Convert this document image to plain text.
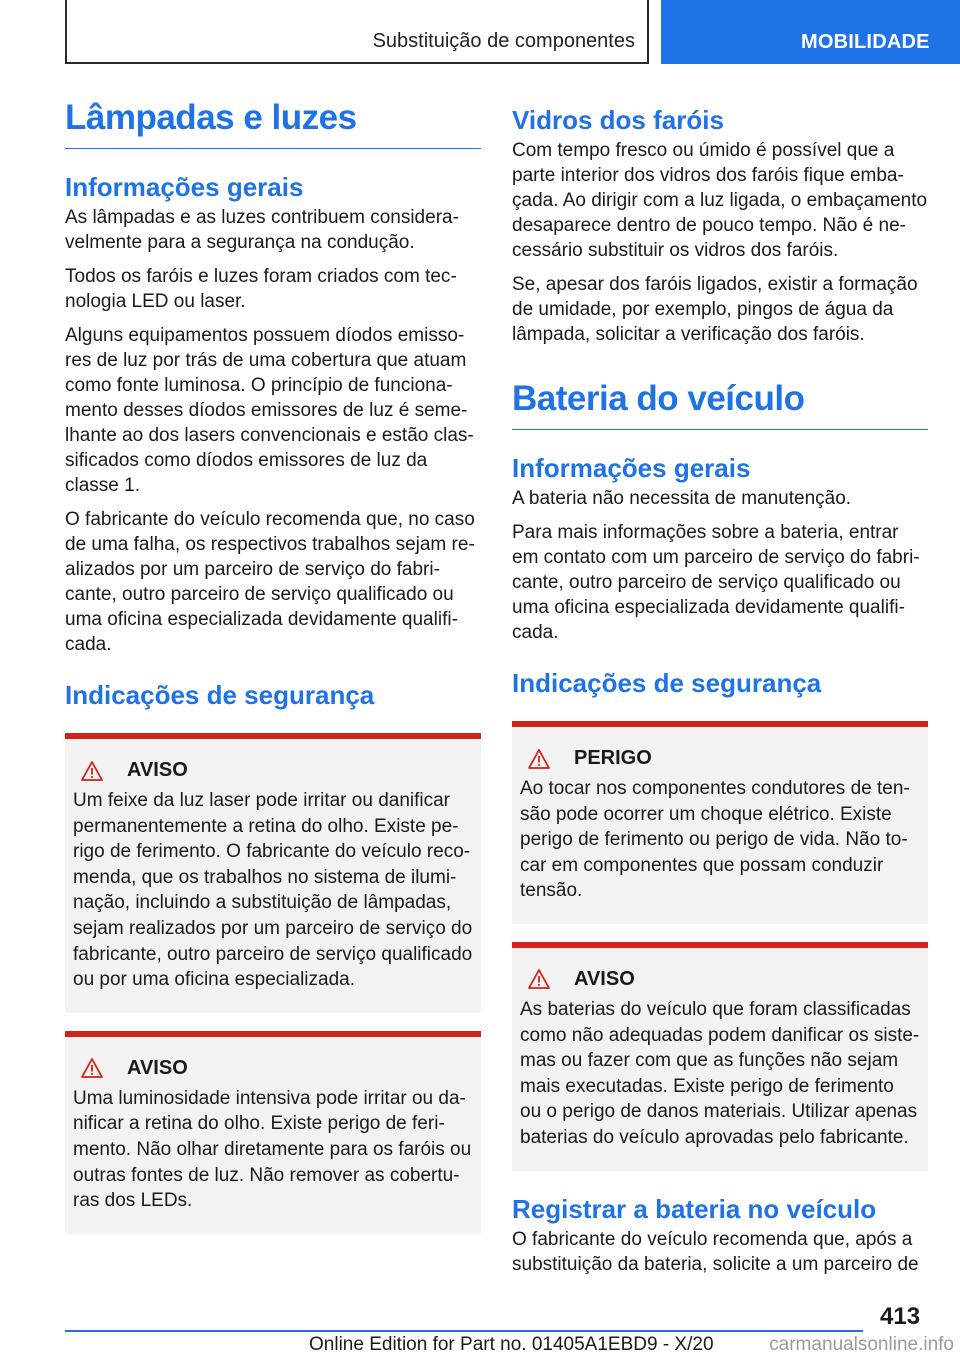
Substituição de componentes	MOBILIDADE
Lâmpadas e luzes
Informações gerais

As lâmpadas e as luzes contribuem consideravelmente para a segurança na condução.

Todos os faróis e luzes foram criados com tecnologia LED ou laser.

Alguns equipamentos possuem díodos emissores de luz por trás de uma cobertura que atuam como fonte luminosa. O princípio de funcionamento desses díodos emissores de luz é semelhante ao dos lasers convencionais e estão classificados como díodos emissores de luz da classe 1.

O fabricante do veículo recomenda que, no caso de uma falha, os respectivos trabalhos sejam realizados por um parceiro de serviço do fabricante, outro parceiro de serviço qualificado ou uma oficina especializada devidamente qualificada.

Indicações de segurança
AVISO

Um feixe da luz laser pode irritar ou danificar permanentemente a retina do olho. Existe perigo de ferimento. O fabricante do veículo recomenda, que os trabalhos no sistema de iluminação, incluindo a substituição de lâmpadas, sejam realizados por um parceiro de serviço do fabricante, outro parceiro de serviço qualificado ou por uma oficina especializada.

AVISO

Uma luminosidade intensiva pode irritar ou danificar a retina do olho. Existe perigo de ferimento. Não olhar diretamente para os faróis ou outras fontes de luz. Não remover as coberturas dos LEDs.

Vidros dos faróis

Com tempo fresco ou úmido é possível que a parte interior dos vidros dos faróis fique embaçada. Ao dirigir com a luz ligada, o embaçamento desaparece dentro de pouco tempo. Não é necessário substituir os vidros dos faróis.

Se, apesar dos faróis ligados, existir a formação de umidade, por exemplo, pingos de água da lâmpada, solicitar a verificação dos faróis.

Bateria do veículo
Informações gerais

A bateria não necessita de manutenção.

Para mais informações sobre a bateria, entrar em contato com um parceiro de serviço do fabricante, outro parceiro de serviço qualificado ou uma oficina especializada devidamente qualificada.

Indicações de segurança
PERIGO

Ao tocar nos componentes condutores de tensão pode ocorrer um choque elétrico. Existe perigo de ferimento ou perigo de vida. Não tocar em componentes que possam conduzir tensão.

AVISO

As baterias do veículo que foram classificadas como não adequadas podem danificar os sistemas ou fazer com que as funções não sejam mais executadas. Existe perigo de ferimento ou o perigo de danos materiais. Utilizar apenas baterias do veículo aprovadas pelo fabricante.

Registrar a bateria no veículo

O fabricante do veículo recomenda que, após a substituição da bateria, solicite a um parceiro de

413
Online Edition for Part no. 01405A1EBD9 - X/20	carmanualsonline.info
